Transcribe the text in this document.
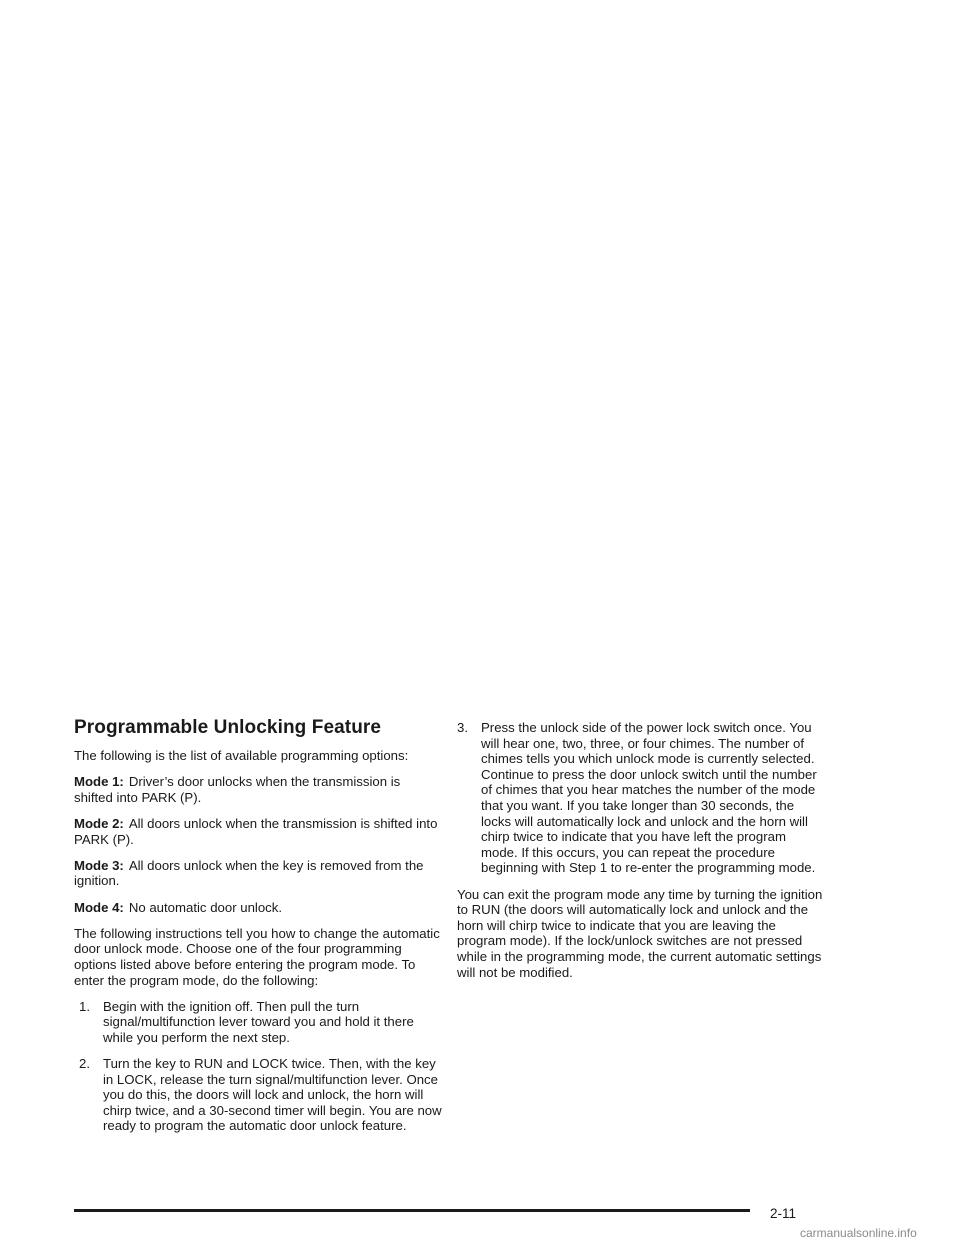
Programmable Unlocking Feature

The following is the list of available programming options:

Mode 1: Driver’s door unlocks when the transmission is shifted into PARK (P).

Mode 2: All doors unlock when the transmission is shifted into PARK (P).

Mode 3: All doors unlock when the key is removed from the ignition.

Mode 4: No automatic door unlock.

The following instructions tell you how to change the automatic door unlock mode. Choose one of the four programming options listed above before entering the program mode. To enter the program mode, do the following:

1. Begin with the ignition off. Then pull the turn signal/multifunction lever toward you and hold it there while you perform the next step.
2. Turn the key to RUN and LOCK twice. Then, with the key in LOCK, release the turn signal/multifunction lever. Once you do this, the doors will lock and unlock, the horn will chirp twice, and a 30-second timer will begin. You are now ready to program the automatic door unlock feature.
3. Press the unlock side of the power lock switch once. You will hear one, two, three, or four chimes. The number of chimes tells you which unlock mode is currently selected. Continue to press the door unlock switch until the number of chimes that you hear matches the number of the mode that you want. If you take longer than 30 seconds, the locks will automatically lock and unlock and the horn will chirp twice to indicate that you have left the program mode. If this occurs, you can repeat the procedure beginning with Step 1 to re-enter the programming mode.

You can exit the program mode any time by turning the ignition to RUN (the doors will automatically lock and unlock and the horn will chirp twice to indicate that you are leaving the program mode). If the lock/unlock switches are not pressed while in the programming mode, the current automatic settings will not be modified.

2-11
carmanualsonline.info
